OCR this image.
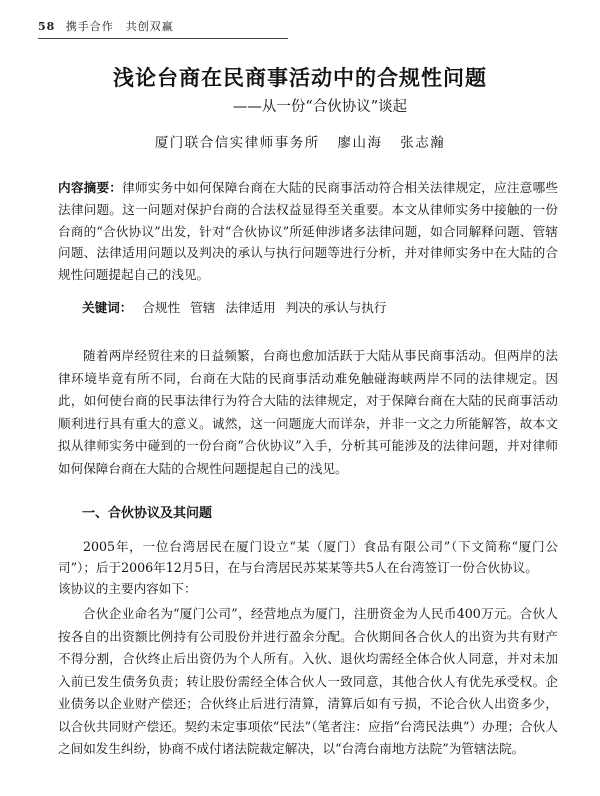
58 携手合作　共创双赢
浅论台商在民商事活动中的合规性问题
——从一份“合伙协议”谈起
厦门联合信实律师事务所 廖山海 张志瀚
内容摘要：律师实务中如何保障台商在大陆的民商事活动符合相关法律规定，应注意哪些法律问题。这一问题对保护台商的合法权益显得至关重要。本文从律师实务中接触的一份台商的“合伙协议”出发，针对“合伙协议”所延伸涉诸多法律问题，如合同解释问题、管辖问题、法律适用问题以及判决的承认与执行问题等进行分析，并对律师实务中在大陆的合规性问题提起自己的浅见。
关键词： 合规性 管辖 法律适用 判决的承认与执行
随着两岸经贸往来的日益频繁，台商也愈加活跃于大陆从事民商事活动。但两岸的法律环境毕竟有所不同，台商在大陆的民商事活动难免触碰海峡两岸不同的法律规定。因此，如何使台商的民事法律行为符合大陆的法律规定，对于保障台商在大陆的民商事活动顺利进行具有重大的意义。诚然，这一问题庞大而详杂，并非一文之力所能解答，故本文拟从律师实务中碰到的一份台商“合伙协议”入手，分析其可能涉及的法律问题，并对律师如何保障台商在大陆的合规性问题提起自己的浅见。
一、合伙协议及其问题
2005年，一位台湾居民在厦门设立“某（厦门）食品有限公司”（下文简称“厦门公司”）；后于2006年12月5日，在与台湾居民苏某某等共5人在台湾签订一份合伙协议。
该协议的主要内容如下：
合伙企业命名为“厦门公司”，经营地点为厦门，注册资金为人民币400万元。合伙人按各自的出资额比例持有公司股份并进行盈余分配。合伙期间各合伙人的出资为共有财产不得分割，合伙终止后出资仍为个人所有。入伙、退伙均需经全体合伙人同意，并对未加入前已发生债务负责；转让股份需经全体合伙人一致同意，其他合伙人有优先承受权。企业债务以企业财产偿还；合伙终止后进行清算，清算后如有亏损，不论合伙人出资多少，以合伙共同财产偿还。契约未定事项依“民法”（笔者注：应指“台湾民法典”）办理；合伙人之间如发生纠纷，协商不成付诸法院裁定解决，以“台湾台南地方法院”为管辖法院。
